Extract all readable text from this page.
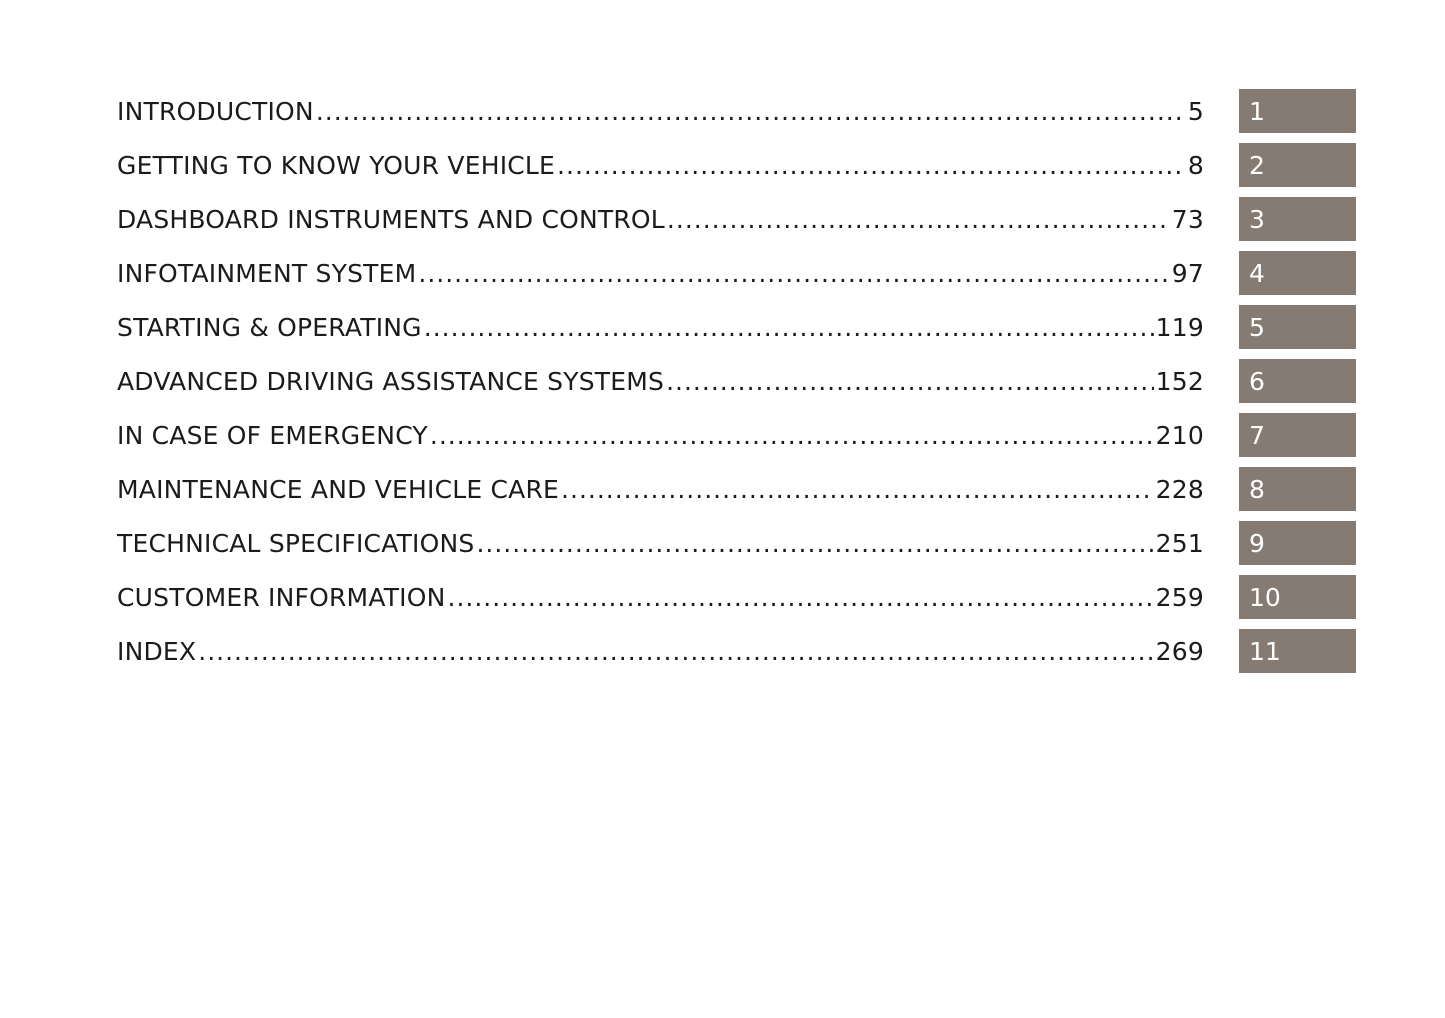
INTRODUCTION .....	5	1
GETTING TO KNOW YOUR VEHICLE .....	8	2
DASHBOARD INSTRUMENTS AND CONTROL .....	73	3
INFOTAINMENT SYSTEM .....	97	4
STARTING & OPERATING .....	119	5
ADVANCED DRIVING ASSISTANCE SYSTEMS .....	152	6
IN CASE OF EMERGENCY .....	210	7
MAINTENANCE AND VEHICLE CARE .....	228	8
TECHNICAL SPECIFICATIONS .....	251	9
CUSTOMER INFORMATION .....	259	10
INDEX .....	269	11
